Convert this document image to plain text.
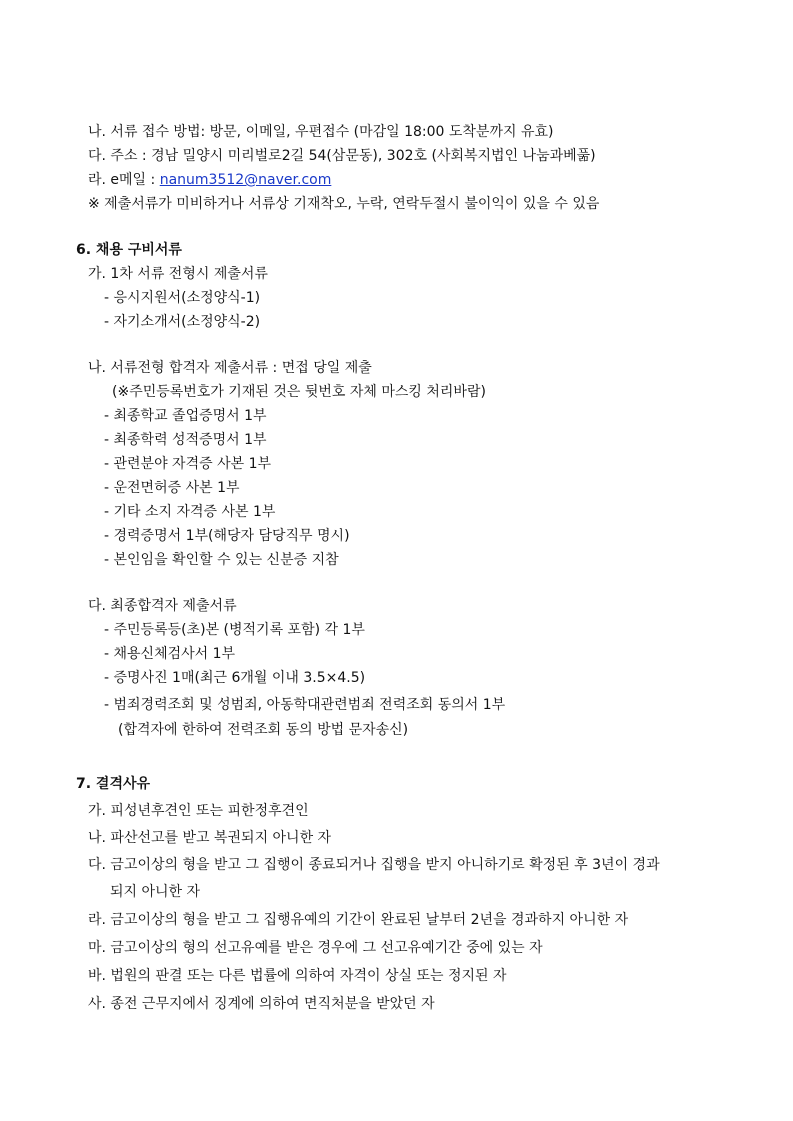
나. 서류 접수 방법: 방문, 이메일, 우편접수 (마감일 18:00 도착분까지 유효)
다. 주소 : 경남 밀양시 미리벌로2길 54(삼문동), 302호 (사회복지법인 나눔과베풂)
라. e메일 : nanum3512@naver.com
※ 제출서류가 미비하거나 서류상 기재착오, 누락, 연락두절시 불이익이 있을 수 있음
6. 채용 구비서류
가. 1차 서류 전형시 제출서류
- 응시지원서(소정양식-1)
- 자기소개서(소정양식-2)
나. 서류전형 합격자 제출서류 : 면접 당일 제출
(※주민등록번호가 기재된 것은 뒷번호 자체 마스킹 처리바람)
- 최종학교 졸업증명서 1부
- 최종학력 성적증명서 1부
- 관련분야 자격증 사본 1부
- 운전면허증 사본 1부
- 기타 소지 자격증 사본 1부
- 경력증명서 1부(해당자 담당직무 명시)
- 본인임을 확인할 수 있는 신분증 지참
다. 최종합격자 제출서류
- 주민등록등(초)본 (병적기록 포함) 각 1부
- 채용신체검사서 1부
- 증명사진 1매(최근 6개월 이내 3.5×4.5)
- 범죄경력조회 및 성범죄, 아동학대관련범죄 전력조회 동의서 1부
(합격자에 한하여 전력조회 동의 방법 문자송신)
7. 결격사유
가. 피성년후견인 또는 피한정후견인
나. 파산선고를 받고 복권되지 아니한 자
다. 금고이상의 형을 받고 그 집행이 종료되거나 집행을 받지 아니하기로 확정된 후 3년이 경과
되지 아니한 자
라. 금고이상의 형을 받고 그 집행유예의 기간이 완료된 날부터 2년을 경과하지 아니한 자
마. 금고이상의 형의 선고유예를 받은 경우에 그 선고유예기간 중에 있는 자
바. 법원의 판결 또는 다른 법률에 의하여 자격이 상실 또는 정지된 자
사. 종전 근무지에서 징계에 의하여 면직처분을 받았던 자
